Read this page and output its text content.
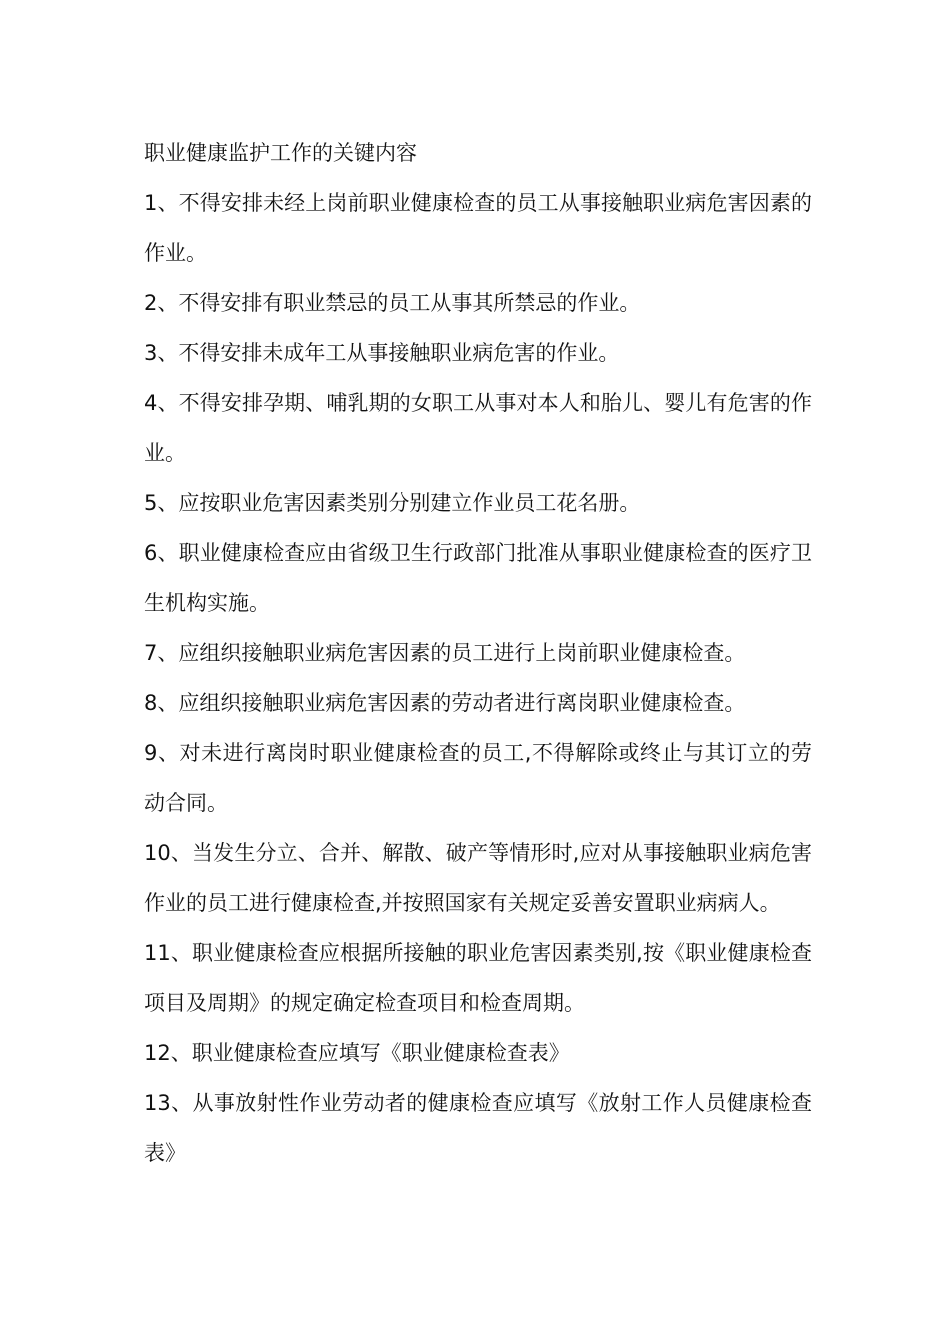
职业健康监护工作的关键内容

1、不得安排未经上岗前职业健康检查的员工从事接触职业病危害因素的作业。

2、不得安排有职业禁忌的员工从事其所禁忌的作业。

3、不得安排未成年工从事接触职业病危害的作业。

4、不得安排孕期、哺乳期的女职工从事对本人和胎儿、婴儿有危害的作业。

5、应按职业危害因素类别分别建立作业员工花名册。

6、职业健康检查应由省级卫生行政部门批准从事职业健康检查的医疗卫生机构实施。

7、应组织接触职业病危害因素的员工进行上岗前职业健康检查。

8、应组织接触职业病危害因素的劳动者进行离岗职业健康检查。

9、对未进行离岗时职业健康检查的员工,不得解除或终止与其订立的劳动合同。

10、当发生分立、合并、解散、破产等情形时,应对从事接触职业病危害作业的员工进行健康检查,并按照国家有关规定妥善安置职业病病人。

11、职业健康检查应根据所接触的职业危害因素类别,按《职业健康检查项目及周期》的规定确定检查项目和检查周期。

12、职业健康检查应填写《职业健康检查表》

13、从事放射性作业劳动者的健康检查应填写《放射工作人员健康检查表》
